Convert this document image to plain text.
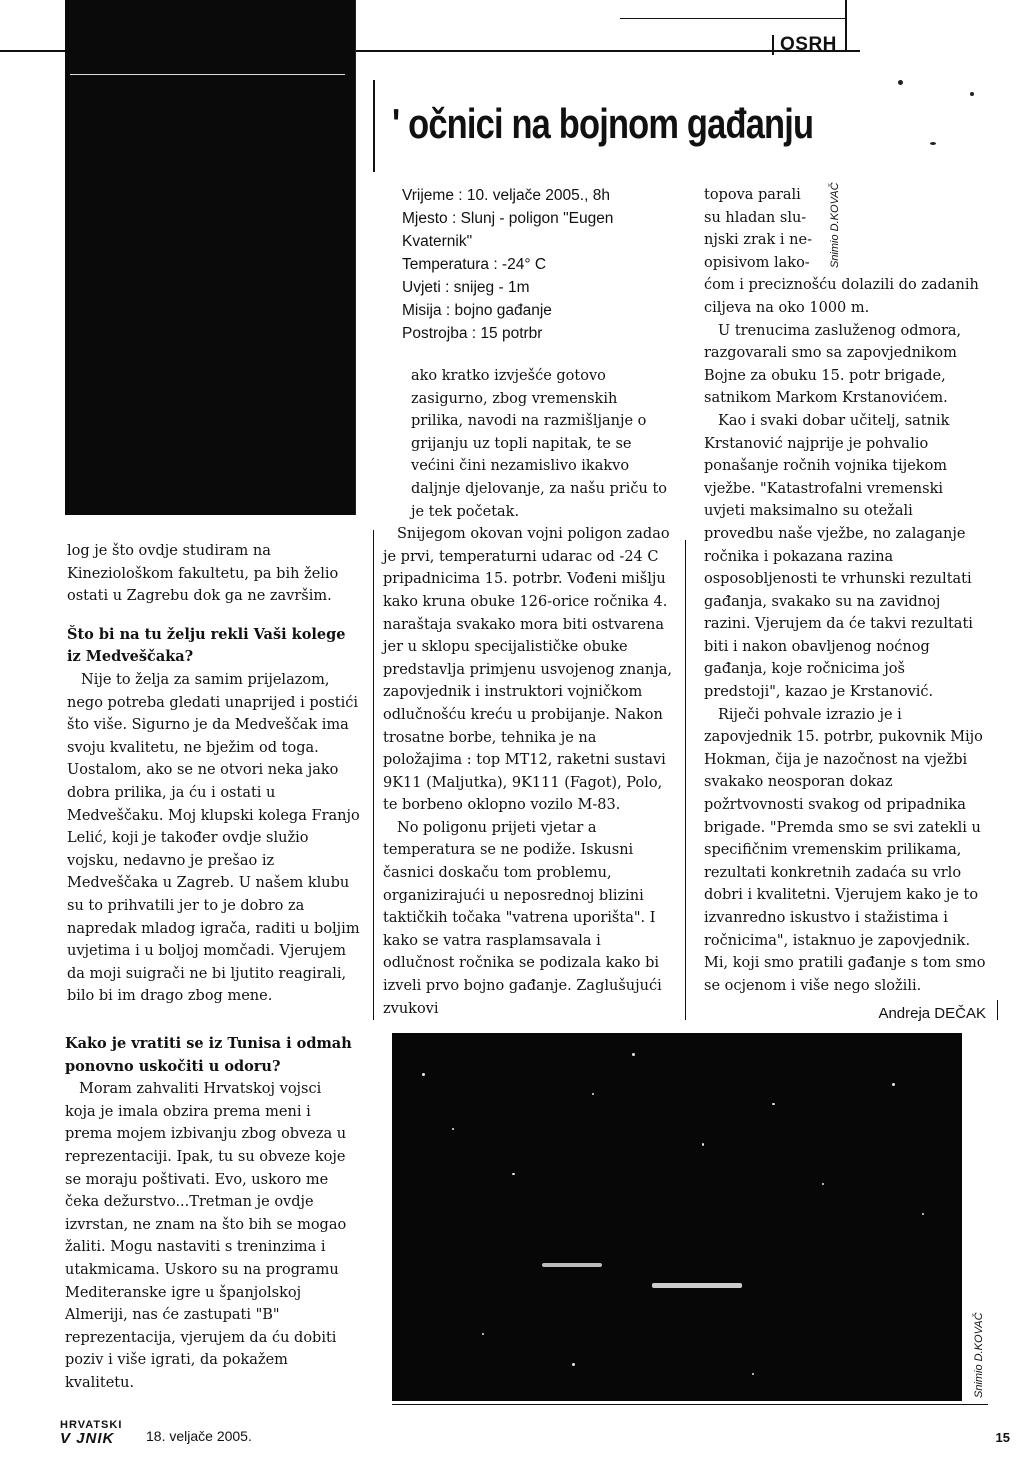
OSRH
' očnici na bojnom gađanju
Vrijeme : 10. veljače 2005., 8h
Mjesto : Slunj - poligon "Eugen Kvaternik"
Temperatura : -24° C
Uvjeti : snijeg - 1m
Misija : bojno gađanje
Postrojba : 15 potrbr

log je što ovdje studiram na Kineziološkom fakultetu, pa bih želio ostati u Zagrebu dok ga ne završim.

Što bi na tu želju rekli Vaši kolege iz Medveščaka?

Nije to želja za samim prijelazom, nego potreba gledati unaprijed i postići što više. Sigurno je da Medveščak ima svoju kvalitetu, ne bježim od toga. Uostalom, ako se ne otvori neka jako dobra prilika, ja ću i ostati u Medveščaku. Moj klupski kolega Franjo Lelić, koji je također ovdje služio vojsku, nedavno je prešao iz Medveščaka u Zagreb. U našem klubu su to prihvatili jer to je dobro za napredak mladog igrača, raditi u boljim uvjetima i u boljoj momčadi. Vjerujem da moji suigrači ne bi ljutito reagirali, bilo bi im drago zbog mene.

Kako je vratiti se iz Tunisa i odmah ponovno uskočiti u odoru?

Moram zahvaliti Hrvatskoj vojsci koja je imala obzira prema meni i prema mojem izbivanju zbog obveza u reprezentaciji. Ipak, tu su obveze koje se moraju poštivati. Evo, uskoro me čeka dežurstvo...Tretman je ovdje izvrstan, ne znam na što bih se mogao žaliti. Mogu nastaviti s treninzima i utakmicama. Uskoro su na programu Mediteranske igre u španjolskoj Almeriji, nas će zastupati "B" reprezentacija, vjerujem da ću dobiti poziv i više igrati, da pokažem kvalitetu.

ako kratko izvješće gotovo zasigurno, zbog vremenskih prilika, navodi na razmišljanje o grijanju uz topli napitak, te se većini čini nezamislivo ikakvo daljnje djelovanje, za našu priču to je tek početak.

Snijegom okovan vojni poligon zadao je prvi, temperaturni udarac od -24 C pripadnicima 15. potrbr. Vođeni mišlju kako kruna obuke 126-orice ročnika 4. naraštaja svakako mora biti ostvarena jer u sklopu specijalističke obuke predstavlja primjenu usvojenog znanja, zapovjednik i instruktori vojničkom odlučnošću kreću u probijanje. Nakon trosatne borbe, tehnika je na položajima : top MT12, raketni sustavi 9K11 (Maljutka), 9K111 (Fagot), Polo, te borbeno oklopno vozilo M-83.

No poligonu prijeti vjetar a temperatura se ne podiže. Iskusni časnici doskaču tom problemu, organizirajući u neposrednoj blizini taktičkih točaka "vatrena uporišta". I kako se vatra rasplamsavala i odlučnost ročnika se podizala kako bi izveli prvo bojno gađanje. Zaglušujući zvukovi

topova parali
su hladan slu-
njski zrak i ne-
opisivom lako-

ćom i preciznošću dolazili do zadanih ciljeva na oko 1000 m.

U trenucima zasluženog odmora, razgovarali smo sa zapovjednikom Bojne za obuku 15. potr brigade, satnikom Markom Krstanovićem.

Kao i svaki dobar učitelj, satnik Krstanović najprije je pohvalio ponašanje ročnih vojnika tijekom vježbe. "Katastrofalni vremenski uvjeti maksimalno su otežali provedbu naše vježbe, no zalaganje ročnika i pokazana razina osposobljenosti te vrhunski rezultati gađanja, svakako su na zavidnoj razini. Vjerujem da će takvi rezultati biti i nakon obavljenog noćnog gađanja, koje ročnicima još predstoji", kazao je Krstanović.

Riječi pohvale izrazio je i zapovjednik 15. potrbr, pukovnik Mijo Hokman, čija je nazočnost na vježbi svakako neosporan dokaz požrtvovnosti svakog od pripadnika brigade. "Premda smo se svi zatekli u specifičnim vremenskim prilikama, rezultati konkretnih zadaća su vrlo dobri i kvalitetni. Vjerujem kako je to izvanredno iskustvo i stažistima i ročnicima", istaknuo je zapovjednik. Mi, koji smo pratili gađanje s tom smo se ocjenom i više nego složili.

Andreja DEČAK
Snimio D.KOVAČ
Snimio D.KOVAČ
HRVATSKI
V JNIK	18. veljače 2005.	15
